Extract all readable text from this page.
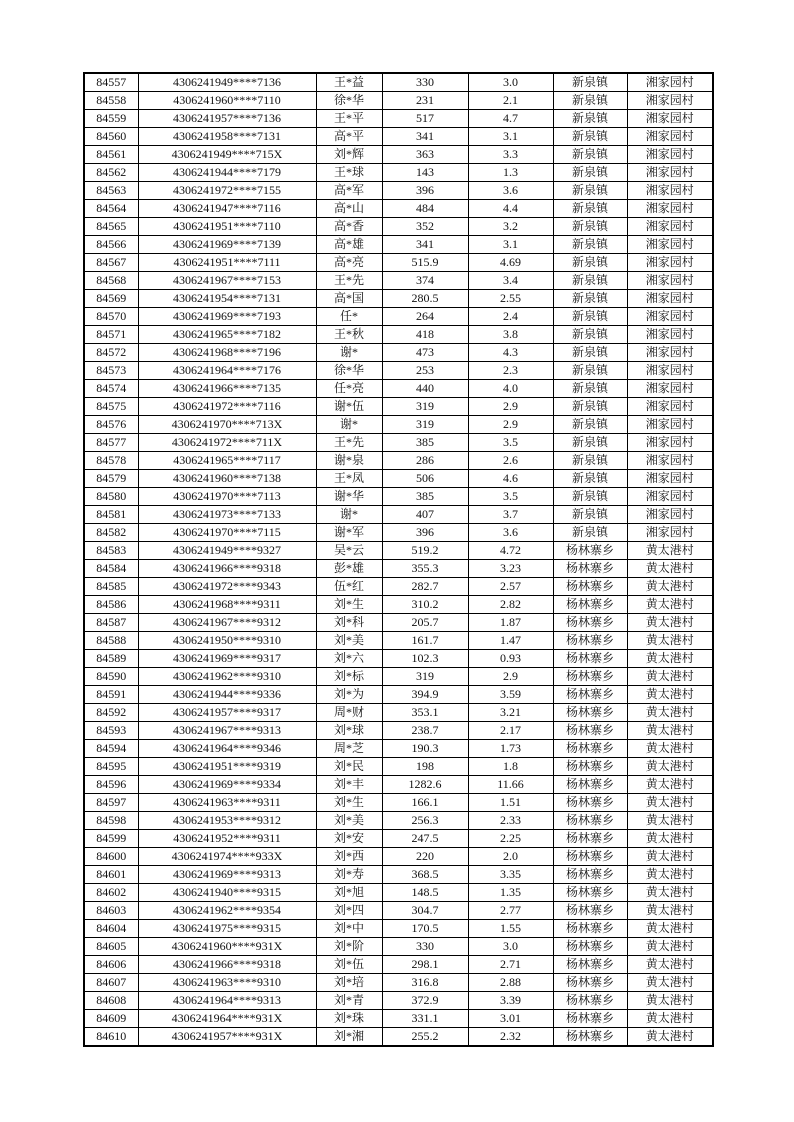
84557	4306241949****7136	王*益	330	3.0	新泉镇	湘家园村
84558	4306241960****7110	徐*华	231	2.1	新泉镇	湘家园村
84559	4306241957****7136	王*平	517	4.7	新泉镇	湘家园村
84560	4306241958****7131	高*平	341	3.1	新泉镇	湘家园村
84561	4306241949****715X	刘*辉	363	3.3	新泉镇	湘家园村
84562	4306241944****7179	王*球	143	1.3	新泉镇	湘家园村
84563	4306241972****7155	高*军	396	3.6	新泉镇	湘家园村
84564	4306241947****7116	高*山	484	4.4	新泉镇	湘家园村
84565	4306241951****7110	高*香	352	3.2	新泉镇	湘家园村
84566	4306241969****7139	高*雄	341	3.1	新泉镇	湘家园村
84567	4306241951****7111	高*亮	515.9	4.69	新泉镇	湘家园村
84568	4306241967****7153	王*先	374	3.4	新泉镇	湘家园村
84569	4306241954****7131	高*国	280.5	2.55	新泉镇	湘家园村
84570	4306241969****7193	任*	264	2.4	新泉镇	湘家园村
84571	4306241965****7182	王*秋	418	3.8	新泉镇	湘家园村
84572	4306241968****7196	谢*	473	4.3	新泉镇	湘家园村
84573	4306241964****7176	徐*华	253	2.3	新泉镇	湘家园村
84574	4306241966****7135	任*亮	440	4.0	新泉镇	湘家园村
84575	4306241972****7116	谢*伍	319	2.9	新泉镇	湘家园村
84576	4306241970****713X	谢*	319	2.9	新泉镇	湘家园村
84577	4306241972****711X	王*先	385	3.5	新泉镇	湘家园村
84578	4306241965****7117	谢*泉	286	2.6	新泉镇	湘家园村
84579	4306241960****7138	王*凤	506	4.6	新泉镇	湘家园村
84580	4306241970****7113	谢*华	385	3.5	新泉镇	湘家园村
84581	4306241973****7133	谢*	407	3.7	新泉镇	湘家园村
84582	4306241970****7115	谢*军	396	3.6	新泉镇	湘家园村
84583	4306241949****9327	吴*云	519.2	4.72	杨林寨乡	黄太港村
84584	4306241966****9318	彭*雄	355.3	3.23	杨林寨乡	黄太港村
84585	4306241972****9343	伍*红	282.7	2.57	杨林寨乡	黄太港村
84586	4306241968****9311	刘*生	310.2	2.82	杨林寨乡	黄太港村
84587	4306241967****9312	刘*科	205.7	1.87	杨林寨乡	黄太港村
84588	4306241950****9310	刘*美	161.7	1.47	杨林寨乡	黄太港村
84589	4306241969****9317	刘*六	102.3	0.93	杨林寨乡	黄太港村
84590	4306241962****9310	刘*标	319	2.9	杨林寨乡	黄太港村
84591	4306241944****9336	刘*为	394.9	3.59	杨林寨乡	黄太港村
84592	4306241957****9317	周*财	353.1	3.21	杨林寨乡	黄太港村
84593	4306241967****9313	刘*球	238.7	2.17	杨林寨乡	黄太港村
84594	4306241964****9346	周*芝	190.3	1.73	杨林寨乡	黄太港村
84595	4306241951****9319	刘*民	198	1.8	杨林寨乡	黄太港村
84596	4306241969****9334	刘*丰	1282.6	11.66	杨林寨乡	黄太港村
84597	4306241963****9311	刘*生	166.1	1.51	杨林寨乡	黄太港村
84598	4306241953****9312	刘*美	256.3	2.33	杨林寨乡	黄太港村
84599	4306241952****9311	刘*安	247.5	2.25	杨林寨乡	黄太港村
84600	4306241974****933X	刘*西	220	2.0	杨林寨乡	黄太港村
84601	4306241969****9313	刘*寿	368.5	3.35	杨林寨乡	黄太港村
84602	4306241940****9315	刘*旭	148.5	1.35	杨林寨乡	黄太港村
84603	4306241962****9354	刘*四	304.7	2.77	杨林寨乡	黄太港村
84604	4306241975****9315	刘*中	170.5	1.55	杨林寨乡	黄太港村
84605	4306241960****931X	刘*阶	330	3.0	杨林寨乡	黄太港村
84606	4306241966****9318	刘*伍	298.1	2.71	杨林寨乡	黄太港村
84607	4306241963****9310	刘*培	316.8	2.88	杨林寨乡	黄太港村
84608	4306241964****9313	刘*青	372.9	3.39	杨林寨乡	黄太港村
84609	4306241964****931X	刘*珠	331.1	3.01	杨林寨乡	黄太港村
84610	4306241957****931X	刘*湘	255.2	2.32	杨林寨乡	黄太港村
